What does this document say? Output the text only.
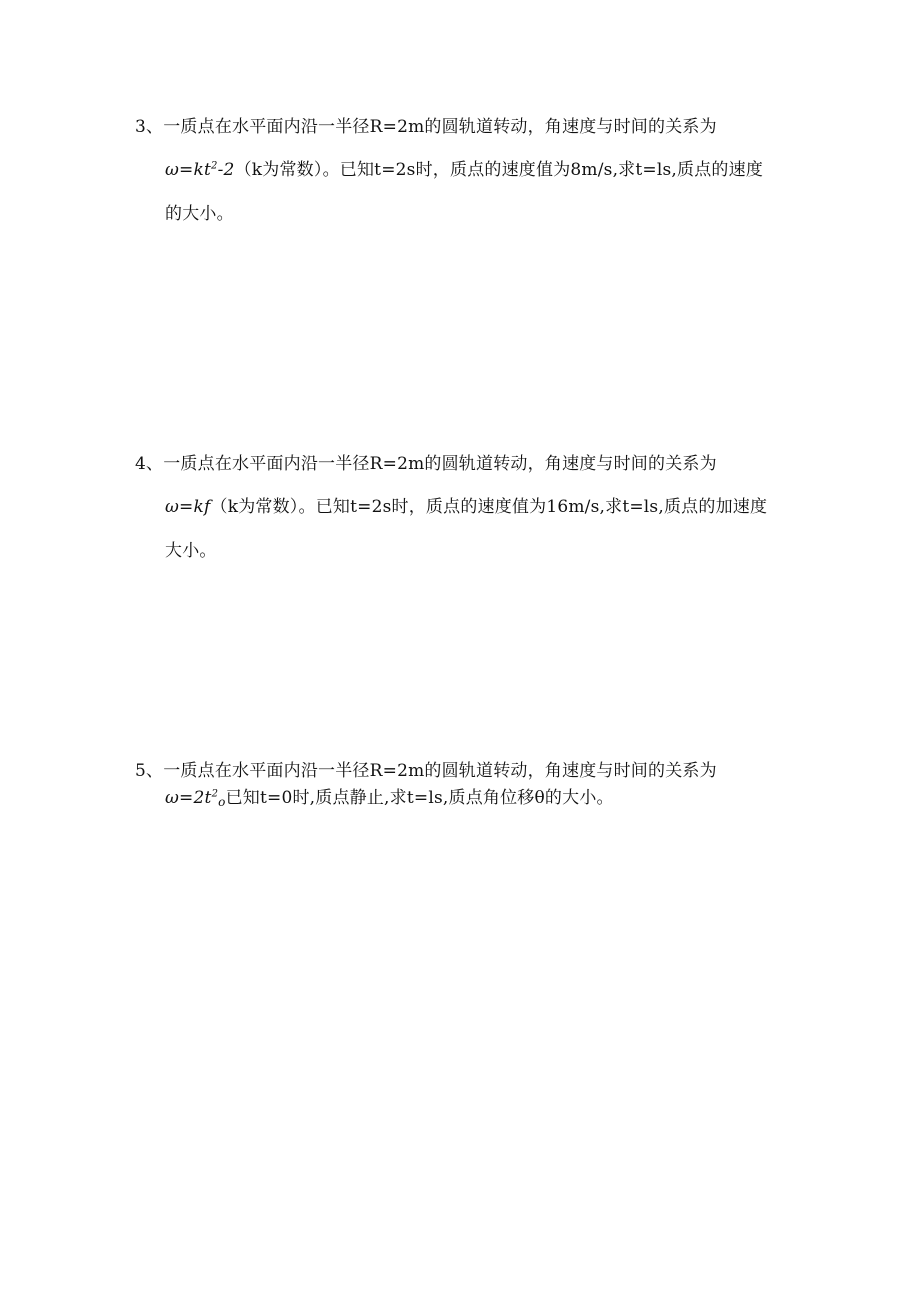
3、一质点在水平面内沿一半径R=2m的圆轨道转动，角速度与时间的关系为
$\omega=kt^2-2(k$为常数）。已知t=2s时，质点的速度值为8m∕s,求t=ls,质点的速度
的大小。
4、一质点在水平面内沿一半径R=2m的圆轨道转动，角速度与时间的关系为
ω=kf（k为常数）。已知t=2s时，质点的速度值为16m∕s,求t=ls,质点的加速度
大小。
5、一质点在水平面内沿一半径R=2m的圆轨道转动，角速度与时间的关系为
$\omega=2t^2o$已知t=0时,质点静止,求t=ls,质点角位移θ的大小。
